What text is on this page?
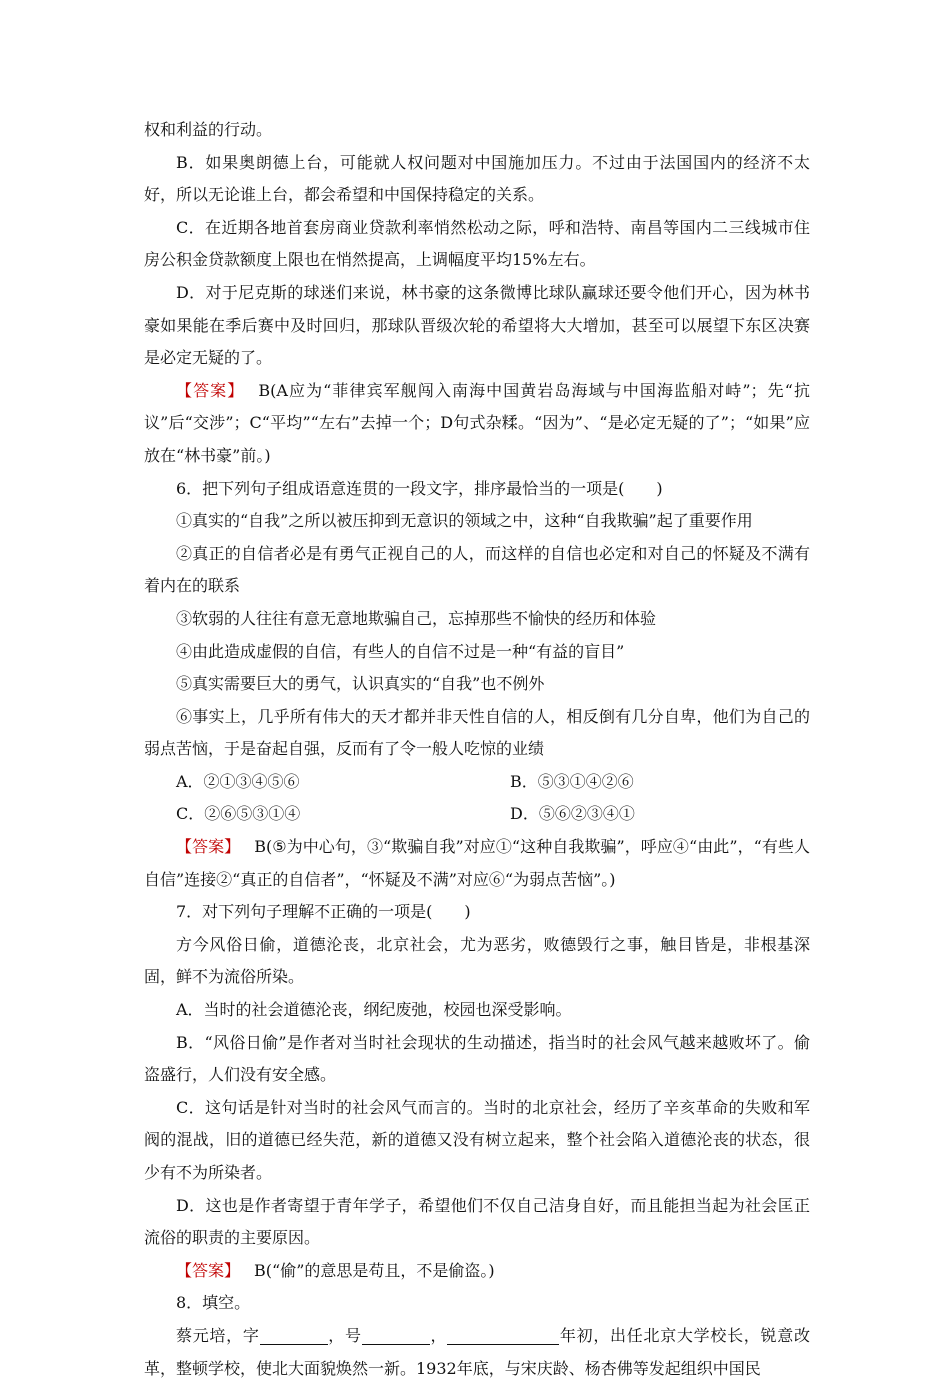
权和利益的行动。

B．如果奥朗德上台，可能就人权问题对中国施加压力。不过由于法国国内的经济不太好，所以无论谁上台，都会希望和中国保持稳定的关系。

C．在近期各地首套房商业贷款利率悄然松动之际，呼和浩特、南昌等国内二三线城市住房公积金贷款额度上限也在悄然提高，上调幅度平均15%左右。

D．对于尼克斯的球迷们来说，林书豪的这条微博比球队赢球还要令他们开心，因为林书豪如果能在季后赛中及时回归，那球队晋级次轮的希望将大大增加，甚至可以展望下东区决赛是必定无疑的了。

【答案】 B(A应为“菲律宾军舰闯入南海中国黄岩岛海域与中国海监船对峙”；先“抗议”后“交涉”；C“平均”“左右”去掉一个；D句式杂糅。“因为”、“是必定无疑的了”；“如果”应放在“林书豪”前。)

6．把下列句子组成语意连贯的一段文字，排序最恰当的一项是(　　)

①真实的“自我”之所以被压抑到无意识的领域之中，这种“自我欺骗”起了重要作用

②真正的自信者必是有勇气正视自己的人，而这样的自信也必定和对自己的怀疑及不满有着内在的联系

③软弱的人往往有意无意地欺骗自己，忘掉那些不愉快的经历和体验

④由此造成虚假的自信，有些人的自信不过是一种“有益的盲目”

⑤真实需要巨大的勇气，认识真实的“自我”也不例外

⑥事实上，几乎所有伟大的天才都并非天性自信的人，相反倒有几分自卑，他们为自己的弱点苦恼，于是奋起自强，反而有了令一般人吃惊的业绩

A．②①③④⑤⑥	B．⑤③①④②⑥
C．②⑥⑤③①④	D．⑤⑥②③④①

【答案】 B(⑤为中心句，③“欺骗自我”对应①“这种自我欺骗”，呼应④“由此”，“有些人自信”连接②“真正的自信者”，“怀疑及不满”对应⑥“为弱点苦恼”。)

7．对下列句子理解不正确的一项是(　　)

方今风俗日偷，道德沦丧，北京社会，尤为恶劣，败德毁行之事，触目皆是，非根基深固，鲜不为流俗所染。

A．当时的社会道德沦丧，纲纪废弛，校园也深受影响。

B．“风俗日偷”是作者对当时社会现状的生动描述，指当时的社会风气越来越败坏了。偷盗盛行，人们没有安全感。

C．这句话是针对当时的社会风气而言的。当时的北京社会，经历了辛亥革命的失败和军阀的混战，旧的道德已经失范，新的道德又没有树立起来，整个社会陷入道德沦丧的状态，很少有不为所染者。

D．这也是作者寄望于青年学子，希望他们不仅自己洁身自好，而且能担当起为社会匡正流俗的职责的主要原因。

【答案】 B(“偷”的意思是苟且，不是偷盗。)

8．填空。

蔡元培，字	，号	，	年初，出任北京大学校长，锐意改革，整顿学校，使北大面貌焕然一新。1932年底，与宋庆龄、杨杏佛等发起组织中国民
